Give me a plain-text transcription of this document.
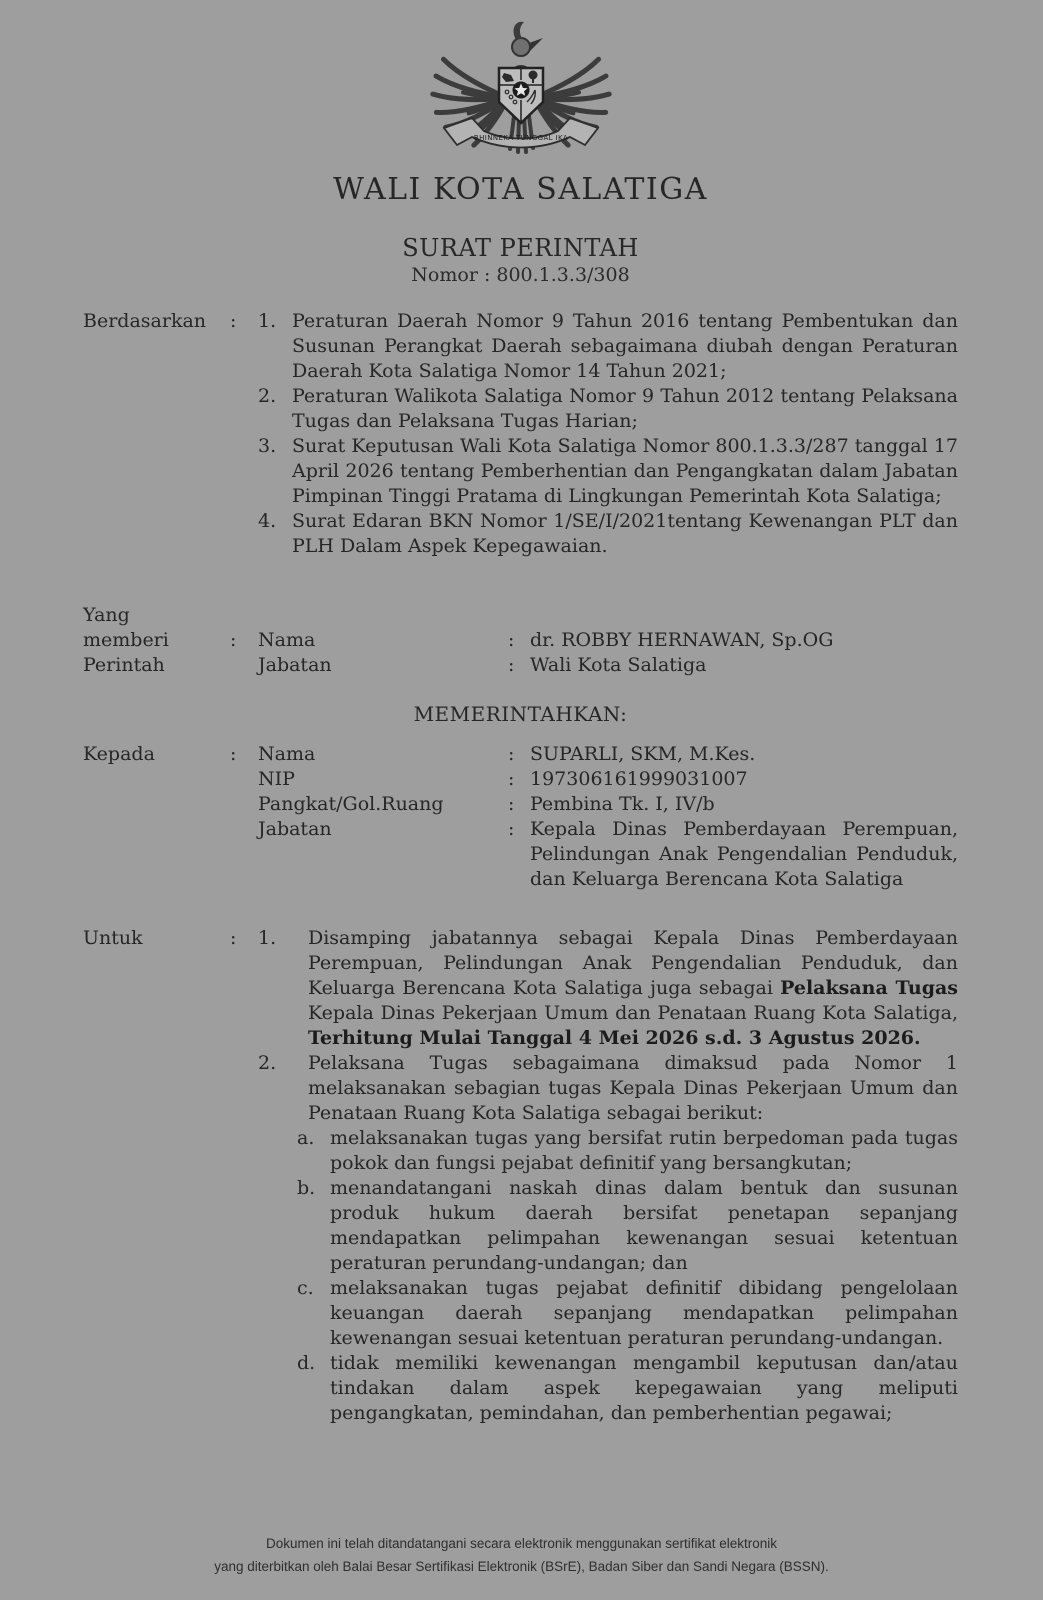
BHINNEKA TUNGGAL IKA
WALI KOTA SALATIGA
SURAT PERINTAH
Nomor : 800.1.3.3/308
Berdasarkan	:	1. Peraturan Daerah Nomor 9 Tahun 2016 tentang Pembentukan dan Susunan Perangkat Daerah sebagaimana diubah dengan Peraturan Daerah Kota Salatiga Nomor 14 Tahun 2021;
2. Peraturan Walikota Salatiga Nomor 9 Tahun 2012 tentang Pelaksana Tugas dan Pelaksana Tugas Harian;
3. Surat Keputusan Wali Kota Salatiga Nomor 800.1.3.3/287 tanggal 17 April 2026 tentang Pemberhentian dan Pengangkatan dalam Jabatan Pimpinan Tinggi Pratama di Lingkungan Pemerintah Kota Salatiga;
4. Surat Edaran BKN Nomor 1/SE/I/2021tentang Kewenangan PLT dan PLH Dalam Aspek Kepegawaian.
Yang
memberi	:	Nama	: dr. ROBBY HERNAWAN, Sp.OG
Perintah	Jabatan	: Wali Kota Salatiga
MEMERINTAHKAN:
Kepada	:	Nama	: SUPARLI, SKM, M.Kes.
NIP	: 197306161999031007
Pangkat/Gol.Ruang	: Pembina Tk. I, IV/b
Jabatan	: Kepala Dinas Pemberdayaan Perempuan, Pelindungan Anak Pengendalian Penduduk, dan Keluarga Berencana Kota Salatiga
Untuk	:	1.	Disamping jabatannya sebagai Kepala Dinas Pemberdayaan Perempuan, Pelindungan Anak Pengendalian Penduduk, dan Keluarga Berencana Kota Salatiga juga sebagai Pelaksana Tugas Kepala Dinas Pekerjaan Umum dan Penataan Ruang Kota Salatiga, Terhitung Mulai Tanggal 4 Mei 2026 s.d. 3 Agustus 2026.
2.	Pelaksana Tugas sebagaimana dimaksud pada Nomor 1 melaksanakan sebagian tugas Kepala Dinas Pekerjaan Umum dan Penataan Ruang Kota Salatiga sebagai berikut:
a. melaksanakan tugas yang bersifat rutin berpedoman pada tugas pokok dan fungsi pejabat definitif yang bersangkutan;
b. menandatangani naskah dinas dalam bentuk dan susunan produk hukum daerah bersifat penetapan sepanjang mendapatkan pelimpahan kewenangan sesuai ketentuan peraturan perundang-undangan; dan
c. melaksanakan tugas pejabat definitif dibidang pengelolaan keuangan daerah sepanjang mendapatkan pelimpahan kewenangan sesuai ketentuan peraturan perundang-undangan.
d. tidak memiliki kewenangan mengambil keputusan dan/atau tindakan dalam aspek kepegawaian yang meliputi pengangkatan, pemindahan, dan pemberhentian pegawai;
Dokumen ini telah ditandatangani secara elektronik menggunakan sertifikat elektronik
yang diterbitkan oleh Balai Besar Sertifikasi Elektronik (BSrE), Badan Siber dan Sandi Negara (BSSN).
